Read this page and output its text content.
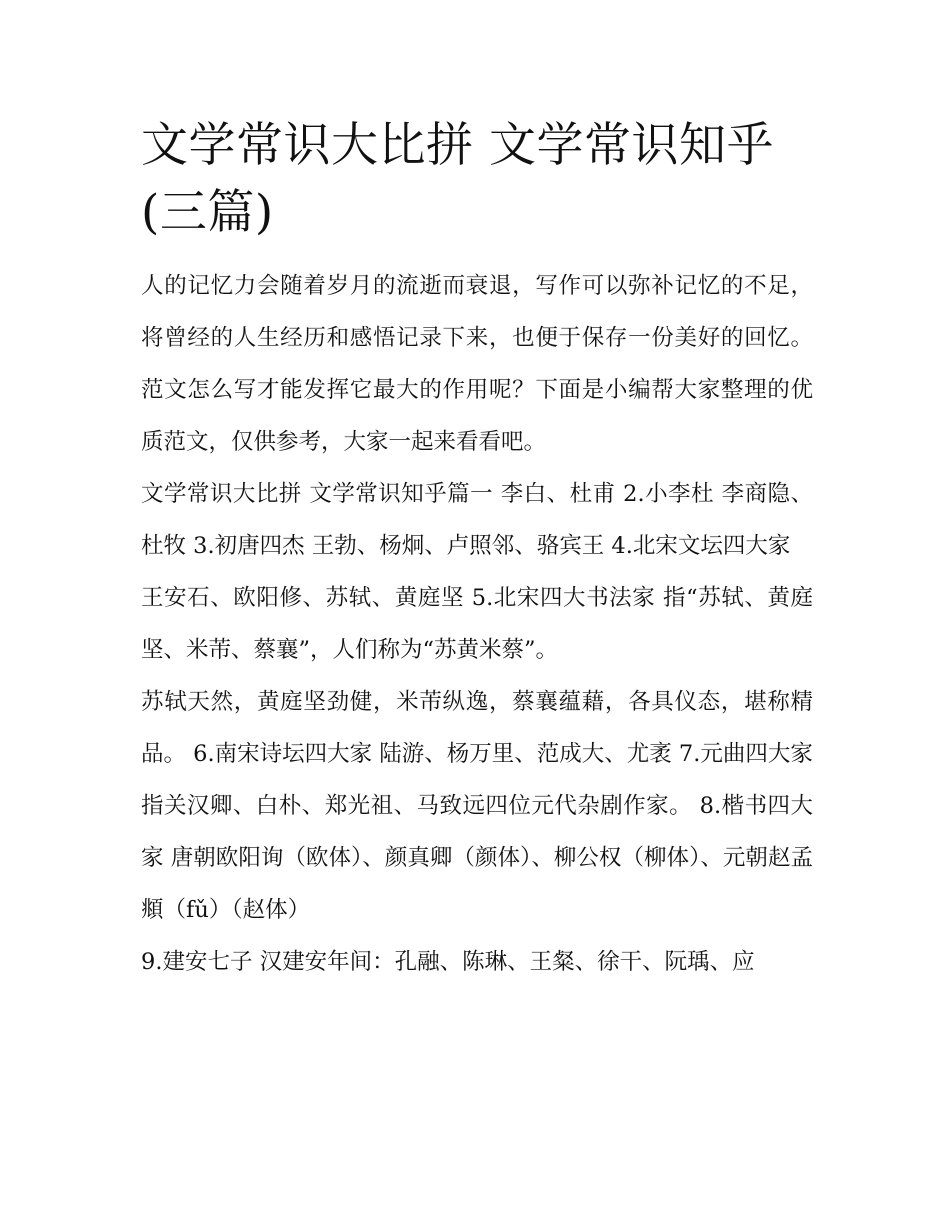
文学常识大比拼 文学常识知乎(三篇)

人的记忆力会随着岁月的流逝而衰退，写作可以弥补记忆的不足，将曾经的人生经历和感悟记录下来，也便于保存一份美好的回忆。范文怎么写才能发挥它最大的作用呢？下面是小编帮大家整理的优质范文，仅供参考，大家一起来看看吧。

文学常识大比拼 文学常识知乎篇一 李白、杜甫 2.小李杜 李商隐、杜牧 3.初唐四杰 王勃、杨炯、卢照邻、骆宾王 4.北宋文坛四大家

王安石、欧阳修、苏轼、黄庭坚 5.北宋四大书法家 指“苏轼、黄庭坚、米芾、蔡襄”，人们称为“苏黄米蔡”。

苏轼天然，黄庭坚劲健，米芾纵逸，蔡襄蕴藉，各具仪态，堪称精品。 6.南宋诗坛四大家 陆游、杨万里、范成大、尤袤 7.元曲四大家

指关汉卿、白朴、郑光祖、马致远四位元代杂剧作家。 8.楷书四大家 唐朝欧阳询（欧体）、颜真卿（颜体）、柳公权（柳体）、元朝赵孟頫（fǔ）（赵体）

9.建安七子 汉建安年间：孔融、陈琳、王粲、徐干、阮瑀、应
